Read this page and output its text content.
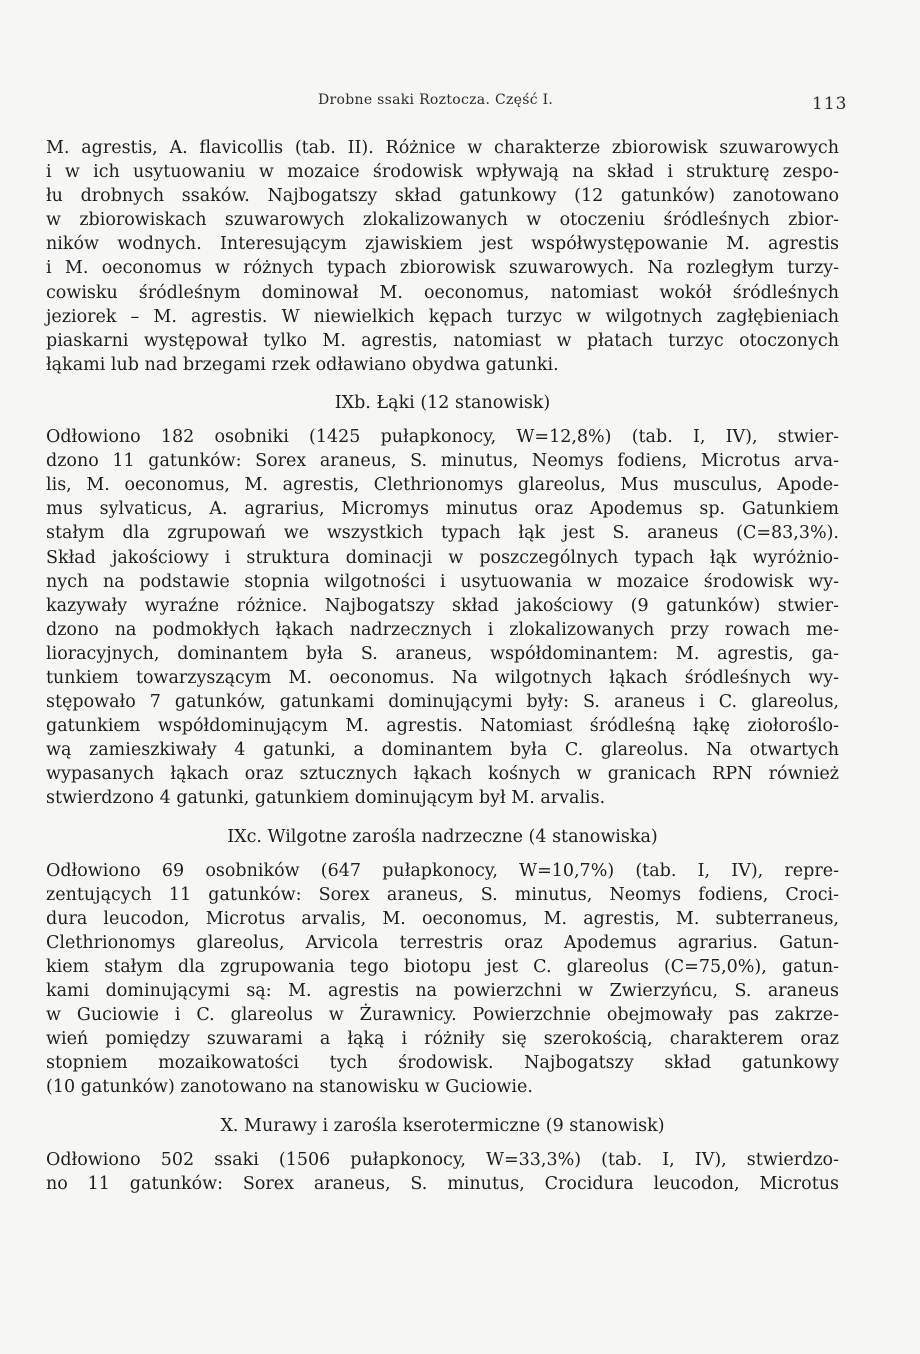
Drobne ssaki Roztocza. Część I.	113
M. agrestis, A. flavicollis (tab. II). Różnice w charakterze zbiorowisk szuwarowych
i w ich usytuowaniu w mozaice środowisk wpływają na skład i strukturę zespo-
łu drobnych ssaków. Najbogatszy skład gatunkowy (12 gatunków) zanotowano
w zbiorowiskach szuwarowych zlokalizowanych w otoczeniu śródleśnych zbior-
ników wodnych. Interesującym zjawiskiem jest współwystępowanie M. agrestis
i M. oeconomus w różnych typach zbiorowisk szuwarowych. Na rozległym turzy-
cowisku śródleśnym dominował M. oeconomus, natomiast wokół śródleśnych
jeziorek – M. agrestis. W niewielkich kępach turzyc w wilgotnych zagłębieniach
piaskarni występował tylko M. agrestis, natomiast w płatach turzyc otoczonych
łąkami lub nad brzegami rzek odławiano obydwa gatunki.
IXb. Łąki (12 stanowisk)
Odłowiono 182 osobniki (1425 pułapkonocy, W=12,8%) (tab. I, IV), stwier-
dzono 11 gatunków: Sorex araneus, S. minutus, Neomys fodiens, Microtus arva-
lis, M. oeconomus, M. agrestis, Clethrionomys glareolus, Mus musculus, Apode-
mus sylvaticus, A. agrarius, Micromys minutus oraz Apodemus sp. Gatunkiem
stałym dla zgrupowań we wszystkich typach łąk jest S. araneus (C=83,3%).
Skład jakościowy i struktura dominacji w poszczególnych typach łąk wyróżnio-
nych na podstawie stopnia wilgotności i usytuowania w mozaice środowisk wy-
kazywały wyraźne różnice. Najbogatszy skład jakościowy (9 gatunków) stwier-
dzono na podmokłych łąkach nadrzecznych i zlokalizowanych przy rowach me-
lioracyjnych, dominantem była S. araneus, współdominantem: M. agrestis, ga-
tunkiem towarzyszącym M. oeconomus. Na wilgotnych łąkach śródleśnych wy-
stępowało 7 gatunków, gatunkami dominującymi były: S. araneus i C. glareolus,
gatunkiem współdominującym M. agrestis. Natomiast śródleśną łąkę ziołoroślo-
wą zamieszkiwały 4 gatunki, a dominantem była C. glareolus. Na otwartych
wypasanych łąkach oraz sztucznych łąkach kośnych w granicach RPN również
stwierdzono 4 gatunki, gatunkiem dominującym był M. arvalis.
IXc. Wilgotne zarośla nadrzeczne (4 stanowiska)
Odłowiono 69 osobników (647 pułapkonocy, W=10,7%) (tab. I, IV), repre-
zentujących 11 gatunków: Sorex araneus, S. minutus, Neomys fodiens, Croci-
dura leucodon, Microtus arvalis, M. oeconomus, M. agrestis, M. subterraneus,
Clethrionomys glareolus, Arvicola terrestris oraz Apodemus agrarius. Gatun-
kiem stałym dla zgrupowania tego biotopu jest C. glareolus (C=75,0%), gatun-
kami dominującymi są: M. agrestis na powierzchni w Zwierzyńcu, S. araneus
w Guciowie i C. glareolus w Żurawnicy. Powierzchnie obejmowały pas zakrze-
wień pomiędzy szuwarami a łąką i różniły się szerokością, charakterem oraz
stopniem mozaikowatości tych środowisk. Najbogatszy skład gatunkowy
(10 gatunków) zanotowano na stanowisku w Guciowie.
X. Murawy i zarośla kserotermiczne (9 stanowisk)
Odłowiono 502 ssaki (1506 pułapkonocy, W=33,3%) (tab. I, IV), stwierdzo-
no 11 gatunków: Sorex araneus, S. minutus, Crocidura leucodon, Microtus
